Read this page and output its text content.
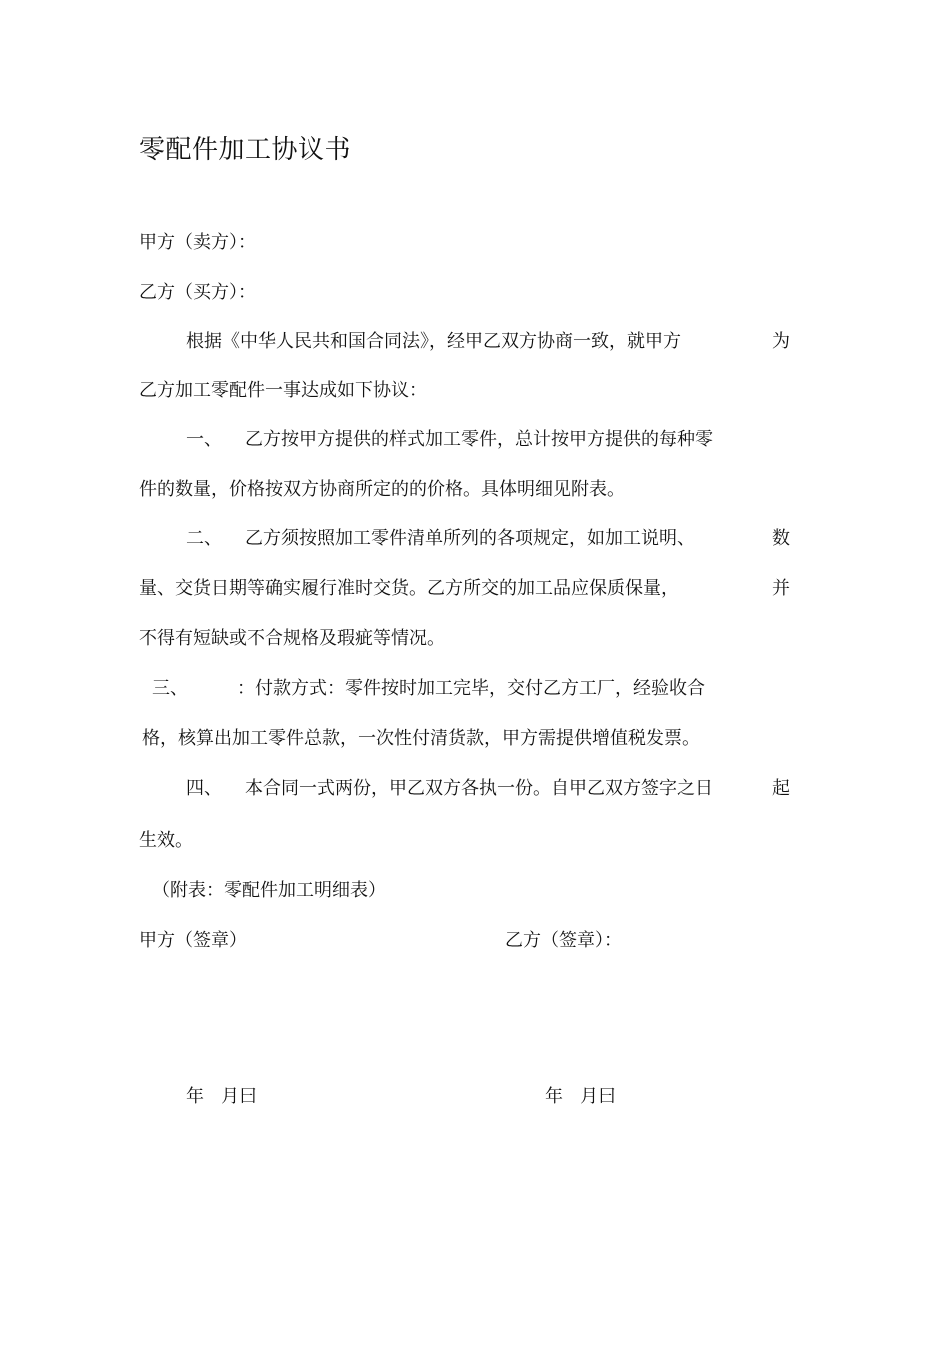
零配件加工协议书
甲方（卖方）：
乙方（买方）：
根据《中华人民共和国合同法》，经甲乙双方协商一致，就甲方	为
乙方加工零配件一事达成如下协议：
一、 乙方按甲方提供的样式加工零件，总计按甲方提供的每种零
件的数量，价格按双方协商所定的的价格。具体明细见附表。
二、 乙方须按照加工零件清单所列的各项规定，如加工说明、	数
量、交货日期等确实履行准时交货。乙方所交的加工品应保质保量，	并
不得有短缺或不合规格及瑕疵等情况。
三、	：付款方式：零件按时加工完毕，交付乙方工厂，经验收合
格，核算出加工零件总款，一次性付清货款，甲方需提供增值税发票。
四、 本合同一式两份，甲乙双方各执一份。自甲乙双方签字之日	起
生效。
（附表：零配件加工明细表）
甲方（签章）	乙方（签章）：
年   月曰	年   月曰
